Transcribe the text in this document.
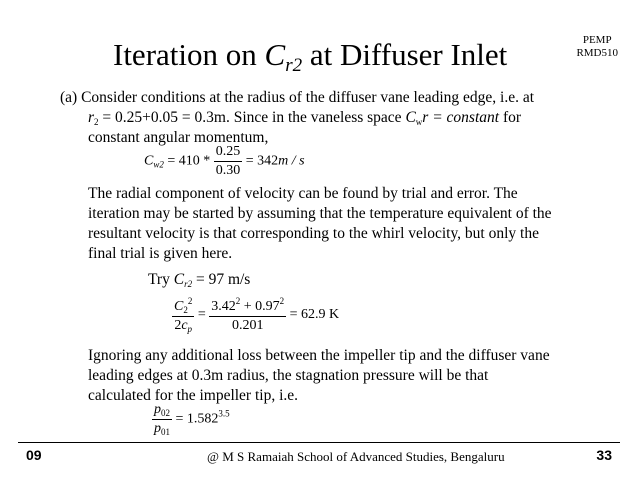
PEMP
RMD510
Iteration on $C_{r2}$ at Diffuser Inlet
(a) Consider conditions at the radius of the diffuser vane leading edge, i.e. at
$r_2 = 0.25+0.05 = 0.3m$. Since in the vaneless space $C_wr$ = constant for
constant angular momentum,
$C_{w2} = 410 * \frac{0.25}{0.30} = 342m / s$
The radial component of velocity can be found by trial and error. The
iteration may be started by assuming that the temperature equivalent of the
resultant velocity is that corresponding to the whirl velocity, but only the
final trial is given here.
Try $C_{r2} = 97$ m/s
$\frac{C_2^2}{2c_p} = \frac{3.42^2 + 0.97^2}{0.201} = 62.9$ K
Ignoring any additional loss between the impeller tip and the diffuser vane
leading edges at 0.3m radius, the stagnation pressure will be that
calculated for the impeller tip, i.e.
$\frac{p_{02}}{p_{01}} = 1.582^{3.5}$
09	@ M S Ramaiah School of Advanced Studies, Bengaluru	33
